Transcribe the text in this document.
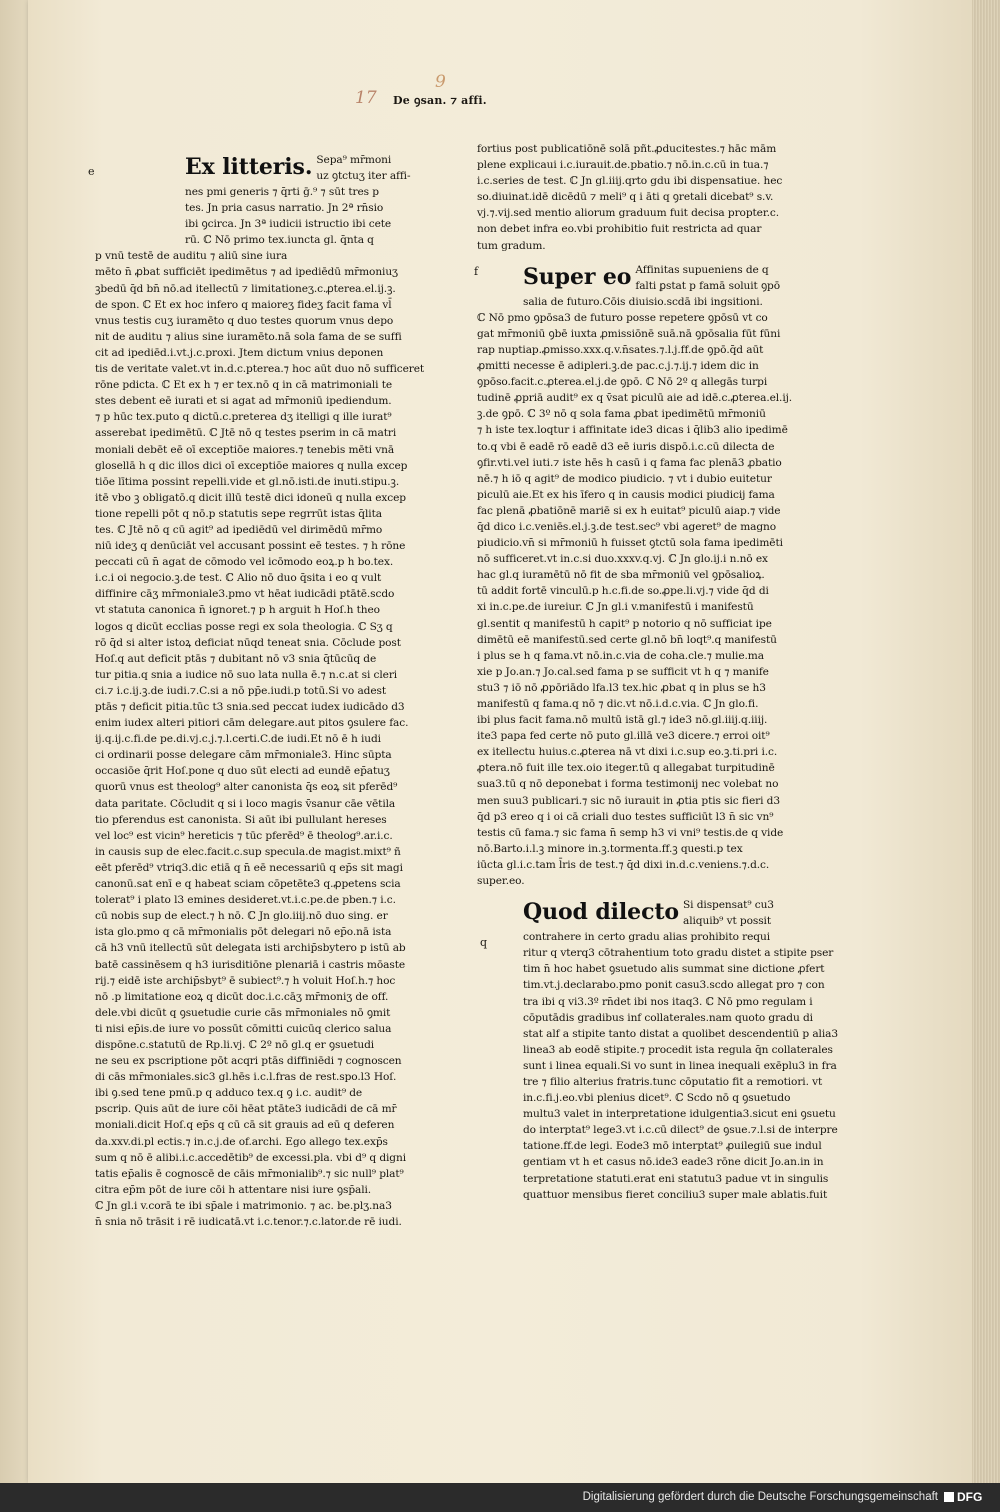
17
9
De ꝯsan. ⁊ affi.
e
f
q
Ex litteris. Sepa⁹ mr̄moni

uz ꝯtctuʒ iter affi-

nes pmi generis ⁊ q̄rti ḡ.⁹ ⁊ sūt tres p

tes. Jn pria casus narratio. Jn 2ª rn̄sio

ibi ꝯcirca. Jn 3ª iudicii istructio ibi cete

rū. ℂ Nō primo tex.iuncta gl. q̄nta q

p vnū testē de auditu ⁊ aliū sine iura

mēto n̄ ꝓbat sufficiēt ipedimētus ⁊ ad ipediēdū mr̄moniuʒ

ꝫbedū q̄d bn̄ nō.ad itellectū ⁊ limitationeʒ.c.ꝓterea.el.ij.ꝫ.

de spon. ℂ Et ex hoc infero q maioreʒ fideʒ facit fama vl̄

vnus testis cuʒ iuramēto q duo testes quorum vnus depo

nit de auditu ⁊ alius sine iuramēto.nā sola fama de se suffi

cit ad ipediēd.i.vt.j.c.proxi. Jtem dictum vnius deponen

tis de veritate valet.vt in.d.c.pterea.⁊ hoc aūt duo nō sufficeret

rōne pdicta. ℂ Et ex h ⁊ er tex.nō q in cā matrimoniali te

stes debent eē iurati et si agat ad mr̄moniū ipediendum.

⁊ p hūc tex.puto q dictū.c.preterea dʒ itelligi q ille iurat⁹

asserebat ipedimētū. ℂ Jtē nō q testes pserim in cā matri

moniali debēt eē oī exceptiōe maiores.⁊ tenebis mēti vnā

glosellā h q dic illos dici oī exceptiōe maiores q nulla excep

tiōe lītima possint repelli.vide et gl.nō.isti.de inuti.stipu.ꝫ.

itē vbo ꝫ obligatō.q dicit illū testē dici idoneū q nulla excep

tione repelli pōt q nō.p statutis sepe regrrūt istas q̄lita

tes. ℂ Jtē nō q cū agit⁹ ad ipediēdū vel dirimēdū mr̄mo

niū ideʒ q denūciāt vel accusant possint eē testes. ⁊ h rōne

peccati cū n̄ agat de cōmodo vel icōmodo eoꝝ.p h bo.tex.

i.c.i oi negocio.ꝫ.de test. ℂ Alio nō duo q̄sita i eo q vult

diffinire cāʒ mr̄moniale3.pmo vt hēat iudicādi ptātē.scdo

vt statuta canonica n̄ ignoret.⁊ p h arguit h Hoſ.h theo

logos q dicūt ecclias posse regi ex sola theologia. ℂ Sʒ q

rō q̄d si alter istoꝝ deficiat nūqd teneat snia. Cōclude post

Hoſ.q aut deficit ptās ⁊ dubitant nō v3 snia q̄tūcūq de

tur pitia.q snia a iudice nō suo lata nulla ē.⁊ n.c.at si cleri

ci.⁊ i.c.ij.ꝫ.de iudi.⁊.C.si a nō pp̄e.iudi.p totū.Si vo adest

ptās ⁊ deficit pitia.tūc t3 snia.sed peccat iudex iudicādo d3

enim iudex alteri pitiori cām delegare.aut pitos ꝯsulere fac.

ij.q.ij.c.fi.de pe.di.vj.c.j.⁊.l.certi.C.de iudi.Et nō ē h iudi

ci ordinarii posse delegare cām mr̄moniale3. Hinc sūpta

occasiōe q̄rit Hoſ.pone q duo sūt electi ad eundē ep̄atuʒ

quorū vnus est theolog⁹ alter canonista q̄s eoꝝ sit pferēd⁹

data paritate. Cōcludit q si i loco magis v̄sanur cāe vētila

tio pferendus est canonista. Si aūt ibi pullulant hereses

vel loc⁹ est vicin⁹ hereticis ⁊ tūc pferēd⁹ ē theolog⁹.ar.i.c.

in causis sup de elec.facit.c.sup specula.de magist.mixt⁹ ñ

eēt pferēd⁹ vtriq3.dic etiā q n̄ eē necessariū q ep̄s sit magi

canonū.sat enī e q habeat sciam cōpetēte3 q.ꝓpetens scia

tolerat⁹ i plato l3 emines desideret.vt.i.c.pe.de pben.⁊ i.c.

cū nobis sup de elect.⁊ h nō. ℂ Jn glo.iiij.nō duo sing. er

ista glo.pmo q cā mr̄monialis pōt delegari nō ep̄o.nā ista

cā h3 vnū itellectū sūt delegata isti archip̄sbytero p istū ab

batē cassinēsem q h3 iurisditiōne plenariā i castris mōaste

rij.⁊ eidē iste archip̄sbyt⁹ ē subiect⁹.⁊ h voluit Hoſ.h.⁊ hoc

nō .p limitatione eoꝝ q dicūt doc.i.c.cāʒ mr̄moniʒ de off.

dele.vbi dicūt q ꝯsuetudie curie cās mr̄moniales nō ꝯmit

ti nisi ep̄is.de iure vo possūt cōmitti cuicūq clerico salua

dispōne.c.statutū de Rp.li.vj. ℂ 2º nō gl.q er ꝯsuetudi

ne seu ex pscriptione pōt acqri ptās diffiniēdi ⁊ cognoscen

di cās mr̄moniales.sic3 gl.hēs i.c.l.fras de rest.spo.l3 Hoſ.

ibi ꝯ.sed tene pmū.p q adduco tex.q ꝯ i.c. audit⁹ de

pscrip. Quis aūt de iure cōi hēat ptāte3 iudicādi de cā mr̄

moniali.dicit Hoſ.q ep̄s q cū cā sit grauis ad eū q deferen

da.xxv.di.pl ectis.⁊ in.c.j.de of.archi. Ego allego tex.exp̄s

sum q nō ē alibi.i.c.accedētib⁹ de excessi.pla. vbi d⁹ q digni

tatis ep̄alis ē cognoscē de cāis mr̄monialib⁹.⁊ sic null⁹ plat⁹

citra ep̄m pōt de iure cōi h attentare nisi iure ꝯsp̄ali.

ℂ Jn gl.i v.corā te ibi sp̄ale i matrimonio. ⁊ ac. be.plʒ.na3

n̄ snia nō trāsit i rē iudicatā.vt i.c.tenor.⁊.c.lator.de rē iudi.

fortius post publicatiōnē solā pñt.ꝓducitestes.⁊ hāc mām

plene explicaui i.c.iurauit.de.pbatio.⁊ nō.in.c.cū in tua.⁊

i.c.series de test. ℂ Jn gl.iiij.qrto gdu ibi dispensatiue. hec

so.diuinat.idē dicēdū ⁊ meli⁹ q i āti q ꝯretali dicebat⁹ s.v.

vj.⁊.vij.sed mentio aliorum graduum fuit decisa propter.c.

non debet infra eo.vbi prohibitio fuit restricta ad quar

tum gradum.

Super eo Affinitas supueniens de q

falti ꝑstat p famā soluit ꝯpō

salia de futuro.Cōis diuisio.scdā ibi ingsitioni.

ℂ Nō pmo ꝯpōsa3 de futuro posse repetere ꝯpōsū vt co

gat mr̄moniū ꝯbē iuxta ꝓmissiōnē suā.nā ꝯpōsalia fūt fūni

rap nuptiap.ꝓmisso.xxx.q.v.n̄sates.⁊.l.j.ff.de ꝯpō.q̄d aūt

ꝓmitti necesse ē adipleri.ꝫ.de pac.c.j.⁊.ij.⁊ idem dic in

ꝯpōso.facit.c.ꝓterea.el.j.de ꝯpō. ℂ Nō 2º q allegās turpi

tudinē ꝓpriā audit⁹ ex q v̄sat piculū aie ad idē.c.ꝓterea.el.ij.

ꝫ.de ꝯpō. ℂ 3º nō q sola fama ꝓbat ipedimētū mr̄moniū

⁊ h iste tex.loqtur i affinitate ide3 dicas i q̄lib3 alio ipedimē

to.q vbi ē eadē rō eadē d3 eē iuris dispō.i.c.cū dilecta de

ꝯfir.vti.vel iuti.⁊ iste hēs h casū i q fama fac plenā3 ꝓbatio

nē.⁊ h iō q agit⁹ de modico piudicio. ⁊ vt i dubio euitetur

piculū aie.Et ex his īfero q in causis modici piudicij fama

fac plenā ꝓbatiōnē mariē si ex h euitat⁹ piculū aiap.⁊ vide

q̄d dico i.c.veniēs.el.j.ꝫ.de test.sec⁹ vbi ageret⁹ de magno

piudicio.vn̄ si mr̄moniū h fuisset ꝯtctū sola fama ipedimēti

nō sufficeret.vt in.c.si duo.xxxv.q.vj. ℂ Jn glo.ij.i n.nō ex

hac gl.q iuramētū nō fit de sba mr̄moniū vel ꝯpōsalioꝝ.

tū addit fortē vinculū.p h.c.fi.de so.ꝓpe.li.vj.⁊ vide q̄d di

xi in.c.pe.de iureiur. ℂ Jn gl.i v.manifestū i manifestū

gl.sentit q manifestū h capit⁹ p notorio q nō sufficiat ipe

dimētū eē manifestū.sed certe gl.nō bn̄ loqt⁹.q manifestū

i plus se h q fama.vt nō.in.c.via de coha.cle.⁊ mulie.ma

xie p Jo.an.⁊ Jo.cal.sed fama p se sufficit vt h q ⁊ manife

stu3 ⁊ iō nō ꝓpōriādo lfa.l3 tex.hic ꝓbat q in plus se h3

manifestū q fama.q nō ⁊ dic.vt nō.i.d.c.via. ℂ Jn glo.fi.

ibi plus facit fama.nō multū istā gl.⁊ ide3 nō.gl.iiij.q.iiij.

ite3 papa fed certe nō puto gl.illā ve3 dicere.⁊ erroi oit⁹

ex itellectu huius.c.ꝓterea nā vt dixi i.c.sup eo.ꝫ.ti.pri i.c.

ꝓtera.nō fuit ille tex.oio iteger.tū q allegabat turpitudinē

sua3.tū q nō deponebat i forma testimonij nec volebat no

men suu3 publicari.⁊ sic nō iurauit in ꝓtia ptis sic fieri d3

q̄d p3 ereo q i oi cā criali duo testes sufficiūt l3 n̄ sic vn⁹

testis cū fama.⁊ sic fama n̄ semp h3 vi vni⁹ testis.de q vide

nō.Barto.i.l.ꝫ minore in.ꝫ.tormenta.ff.ꝫ questi.p tex

iūcta gl.i.c.tam l̄ris de test.⁊ q̄d dixi in.d.c.veniens.⁊.d.c.

super.eo.

Quod dilecto Si dispensat⁹ cu3

aliquib⁹ vt possit

contrahere in certo gradu alias prohibito requi

ritur q vterq3 cōtrahentium toto gradu distet a stipite pser

tim n̄ hoc habet ꝯsuetudo alis summat sine dictione ꝓfert

tim.vt.j.declarabo.pmo ponit casu3.scdo allegat pro ⁊ con

tra ibi q vi3.3º rn̄det ibi nos itaq3. ℂ Nō pmo regulam i

cōputādis gradibus inf collaterales.nam quoto gradu di

stat alf a stipite tanto distat a quolibet descendentiū p alia3

linea3 ab eodē stipite.⁊ procedit ista regula q̄n collaterales

sunt i linea equali.Si vo sunt in linea inequali exēplu3 in fra

tre ⁊ filio alterius fratris.tunc cōputatio fit a remotiori. vt

in.c.fi.j.eo.vbi plenius dicet⁹. ℂ Scdo nō q ꝯsuetudo

multu3 valet in interpretatione idulgentia3.sicut eni ꝯsuetu

do interptat⁹ lege3.vt i.c.cū dilect⁹ de ꝯsue.⁊.l.si de interpre

tatione.ff.de legi. Eode3 mō interptat⁹ ꝓuilegiū sue indul

gentiam vt h et casus nō.ide3 eade3 rōne dicit Jo.an.in in

terpretatione statuti.erat eni statutu3 padue vt in singulis

quattuor mensibus fieret conciliu3 super male ablatis.fuit

Digitalisierung gefördert durch die Deutsche Forschungsgemeinschaft DFG
